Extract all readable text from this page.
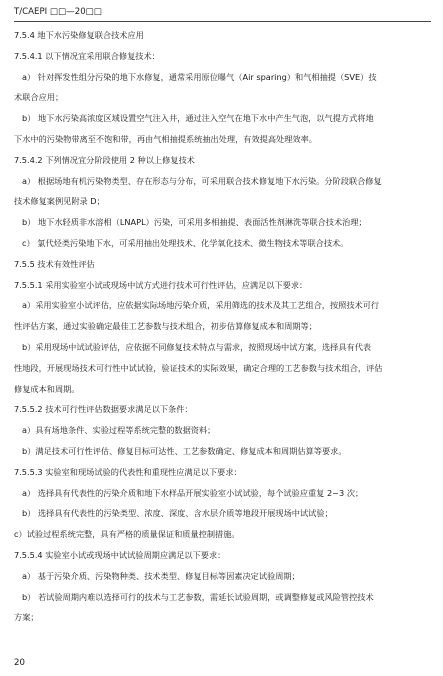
T/CAEPI □□—20□□
7.5.4 地下水污染修复联合技术应用
7.5.4.1 以下情况宜采用联合修复技术：
a） 针对挥发性组分污染的地下水修复，通常采用原位曝气（Air sparing）和气相抽提（SVE）技
术联合应用；
b） 地下水污染高浓度区域设置空气注入井，通过注入空气在地下水中产生气泡，以气提方式将地
下水中的污染物带离至不饱和带，再由气相抽提系统抽出处理，有效提高处理效率。
7.5.4.2 下列情况宜分阶段使用 2 种以上修复技术
a） 根据场地有机污染物类型、存在形态与分布，可采用联合技术修复地下水污染。分阶段联合修复
技术修复案例见附录 D；
b） 地下水轻质非水溶相（LNAPL）污染，可采用多相抽提、表面活性剂淋洗等联合技术治理；
c） 氯代烃类污染地下水，可采用抽出处理技术、化学氧化技术、微生物技术等联合技术。
7.5.5 技术有效性评估
7.5.5.1 采用实验室小试或现场中试方式进行技术可行性评估，应满足以下要求：
a）采用实验室小试评估，应依据实际场地污染介质，采用筛选的技术及其工艺组合，按照技术可行
性评估方案，通过实验确定最佳工艺参数与技术组合，初步估算修复成本和周期等；
b）采用现场中试试验评估，应依据不同修复技术特点与需求，按照现场中试方案，选择具有代表
性地段，开展现场技术可行性中试试验，验证技术的实际效果，确定合理的工艺参数与技术组合，评估
修复成本和周期。
7.5.5.2 技术可行性评估数据要求满足以下条件：
a）具有场地条件、实验过程等系统完整的数据资料；
b）满足技术可行性评估、修复目标可达性、工艺参数确定、修复成本和周期估算等要求。
7.5.5.3 实验室和现场试验的代表性和重现性应满足以下要求：
a） 选择具有代表性的污染介质和地下水样品开展实验室小试试验，每个试验应重复 2~3 次；
b） 选择具有代表性的污染类型、浓度、深度、含水层介质等地段开展现场中试试验；
c）试验过程系统完整，具有严格的质量保证和质量控制措施。
7.5.5.4 实验室小试或现场中试试验周期应满足以下要求：
a） 基于污染介质、污染物种类、技术类型、修复目标等因素决定试验周期；
b） 若试验周期内难以选择可行的技术与工艺参数，需延长试验周期，或调整修复或风险管控技术
方案；
20
